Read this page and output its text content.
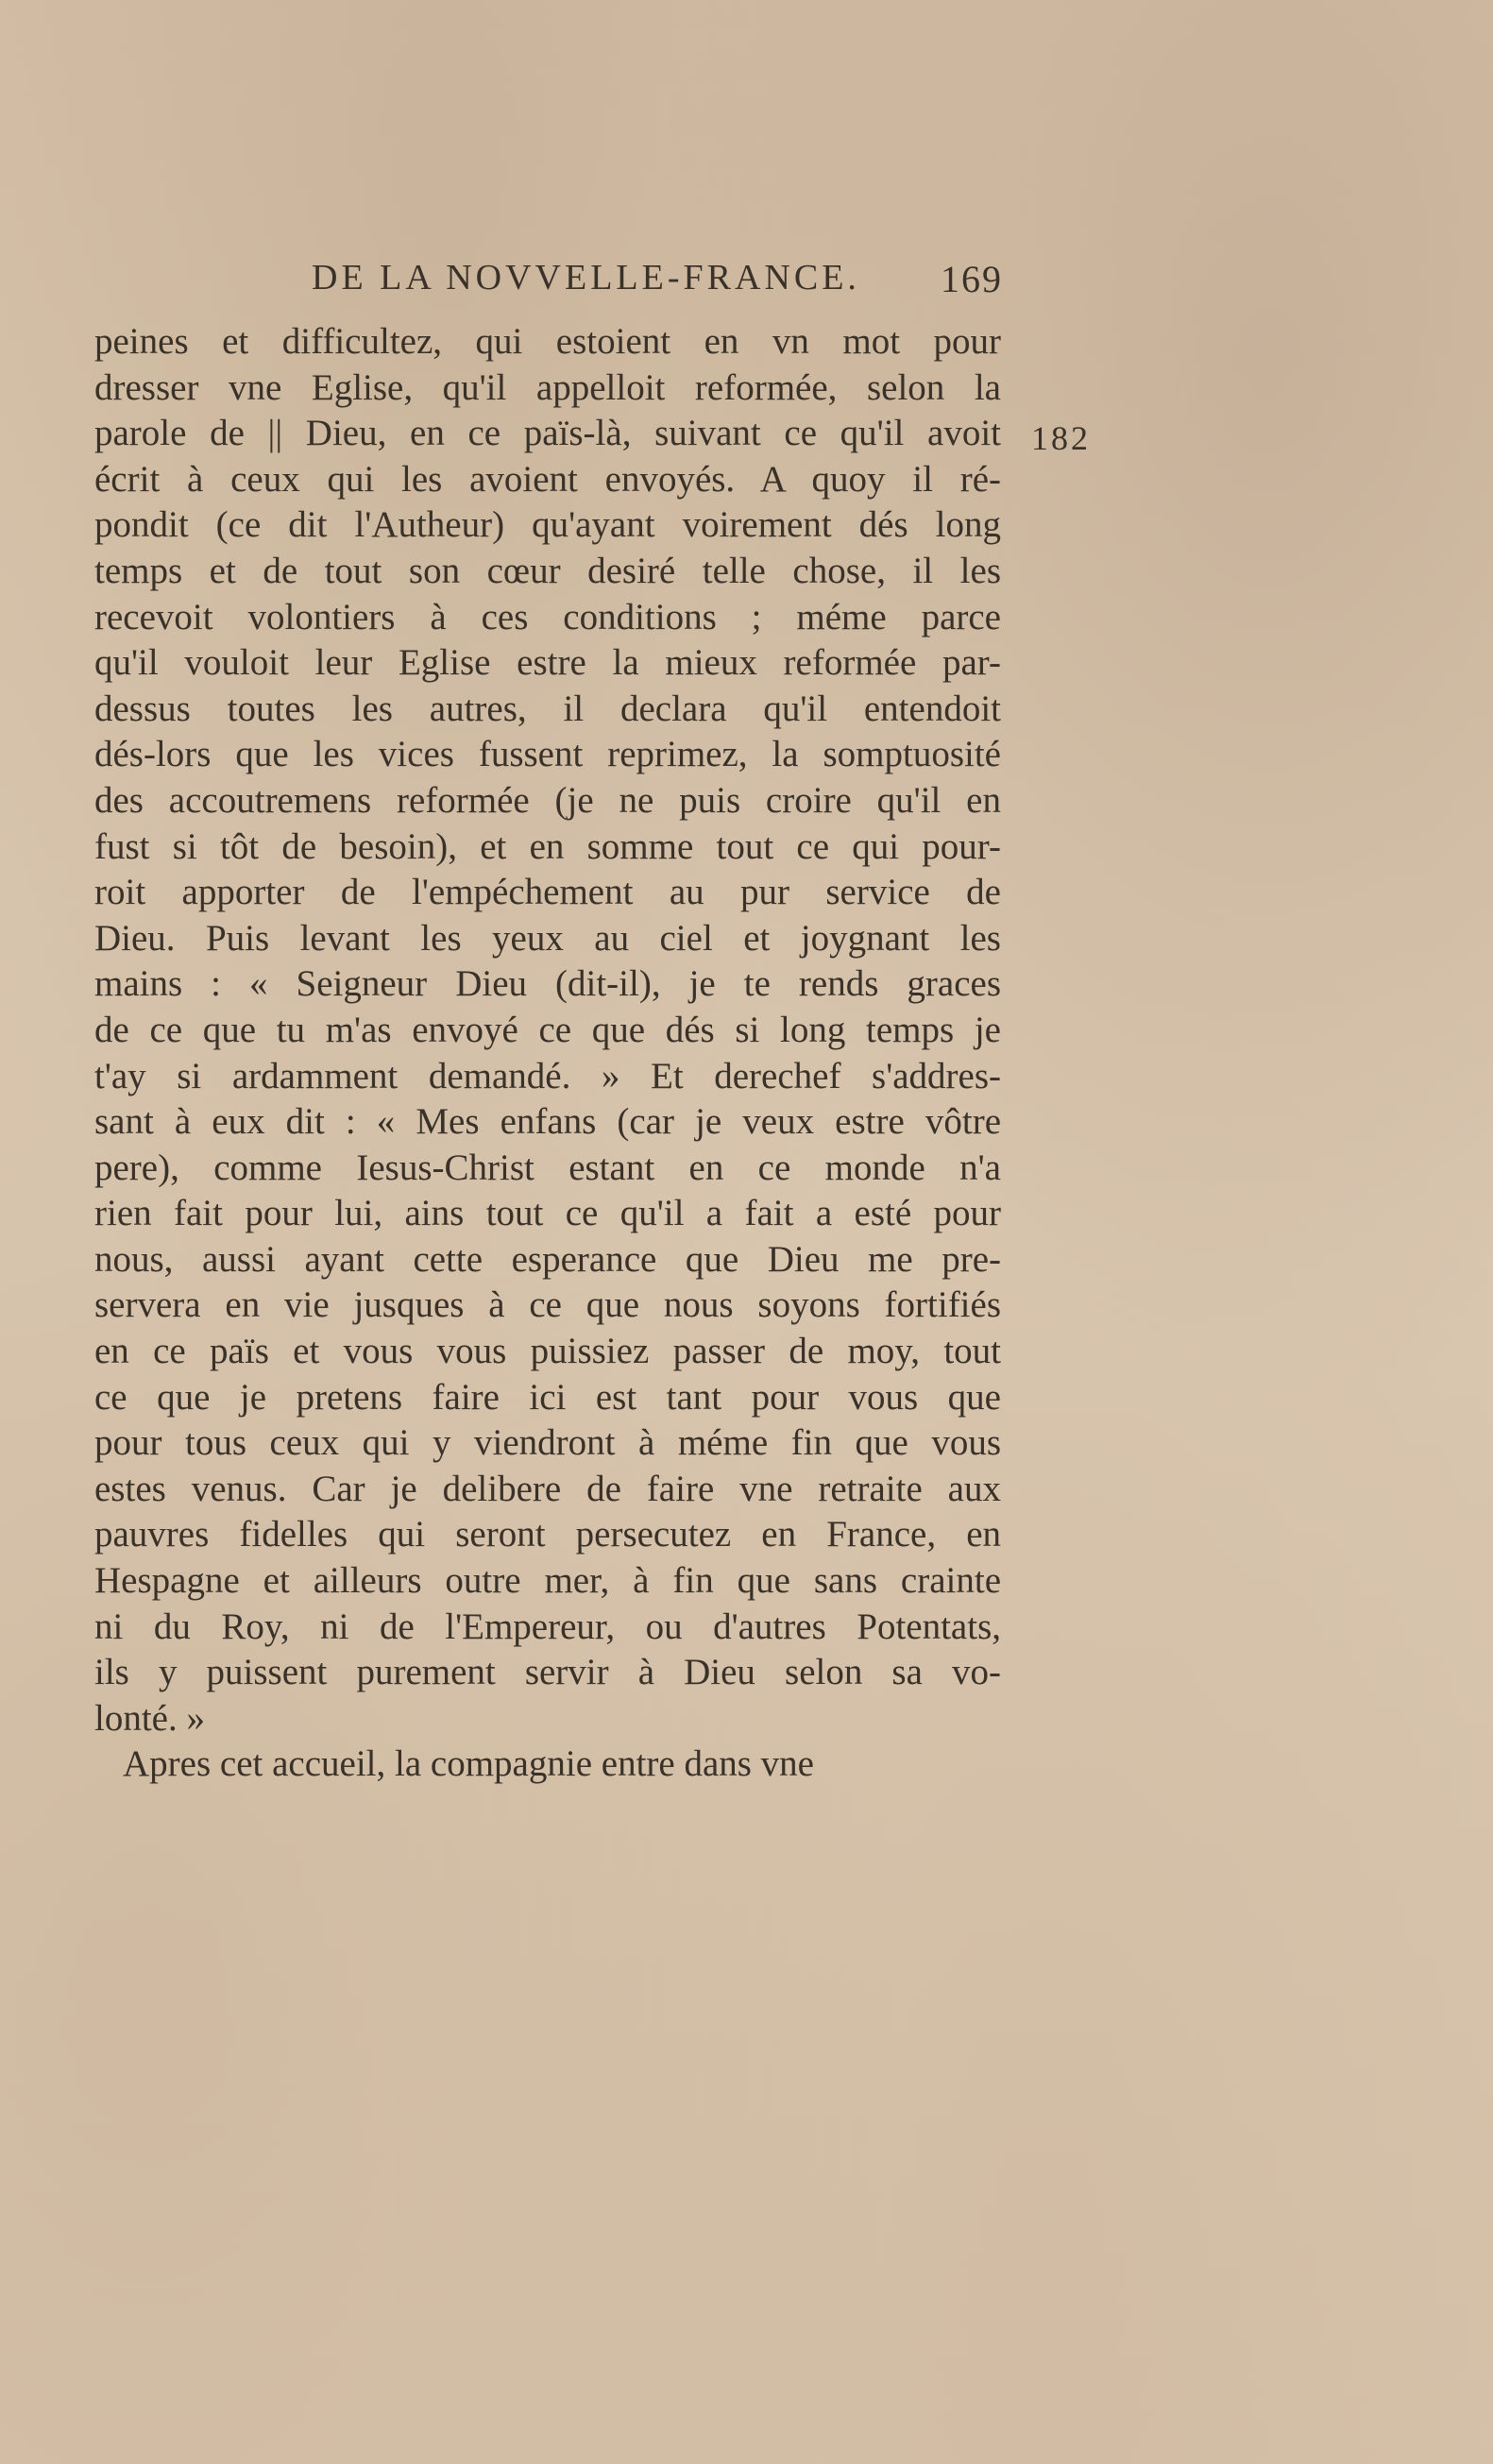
DE LA NOVVELLE-FRANCE. 169
182
peines et difficultez, qui estoient en vn mot pour
dresser vne Eglise, qu'il appelloit reformée, selon la
parole de || Dieu, en ce païs-là, suivant ce qu'il avoit
écrit à ceux qui les avoient envoyés. A quoy il ré-
pondit (ce dit l'Autheur) qu'ayant voirement dés long
temps et de tout son cœur desiré telle chose, il les
recevoit volontiers à ces conditions ; méme parce
qu'il vouloit leur Eglise estre la mieux reformée par-
dessus toutes les autres, il declara qu'il entendoit
dés-lors que les vices fussent reprimez, la somptuosité
des accoutremens reformée (je ne puis croire qu'il en
fust si tôt de besoin), et en somme tout ce qui pour-
roit apporter de l'empéchement au pur service de
Dieu. Puis levant les yeux au ciel et joygnant les
mains : « Seigneur Dieu (dit-il), je te rends graces
de ce que tu m'as envoyé ce que dés si long temps je
t'ay si ardamment demandé. » Et derechef s'addres-
sant à eux dit : « Mes enfans (car je veux estre vôtre
pere), comme Iesus-Christ estant en ce monde n'a
rien fait pour lui, ains tout ce qu'il a fait a esté pour
nous, aussi ayant cette esperance que Dieu me pre-
servera en vie jusques à ce que nous soyons fortifiés
en ce païs et vous vous puissiez passer de moy, tout
ce que je pretens faire ici est tant pour vous que
pour tous ceux qui y viendront à méme fin que vous
estes venus. Car je delibere de faire vne retraite aux
pauvres fidelles qui seront persecutez en France, en
Hespagne et ailleurs outre mer, à fin que sans crainte
ni du Roy, ni de l'Empereur, ou d'autres Potentats,
ils y puissent purement servir à Dieu selon sa vo-
lonté. »
Apres cet accueil, la compagnie entre dans vne
